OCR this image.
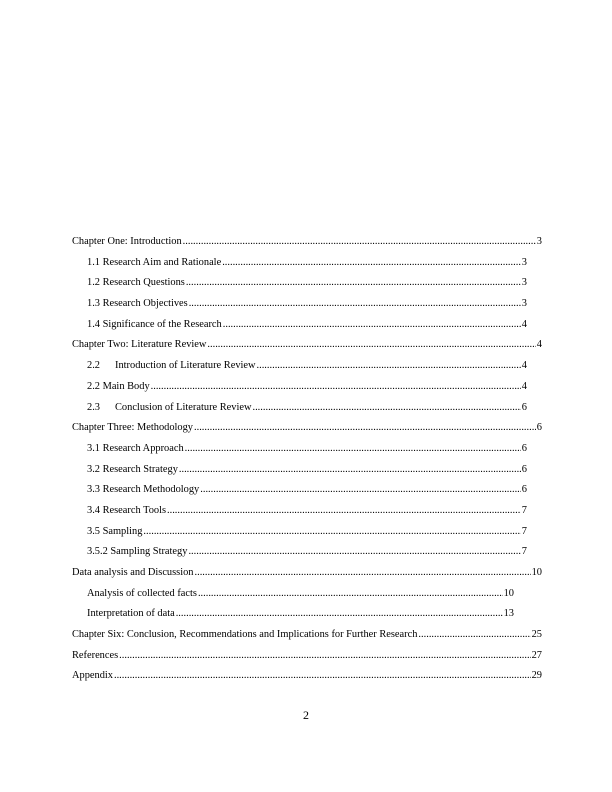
Chapter One: Introduction .....	3
1.1 Research Aim and Rationale .....	3
1.2 Research Questions .....	3
1.3 Research Objectives .....	3
1.4 Significance of the Research .....	4
Chapter Two: Literature Review .....	4
2.2 Introduction of Literature Review .....	4
2.2 Main Body .....	4
2.3 Conclusion of Literature Review .....	6
Chapter Three: Methodology .....	6
3.1 Research Approach .....	6
3.2 Research Strategy .....	6
3.3 Research Methodology .....	6
3.4 Research Tools .....	7
3.5 Sampling .....	7
3.5.2 Sampling Strategy .....	7
Data analysis and Discussion .....	10
Analysis of collected facts .....	10
Interpretation of data .....	13
Chapter Six: Conclusion, Recommendations and Implications for Further Research .....	25
References .....	27
Appendix .....	29
2
